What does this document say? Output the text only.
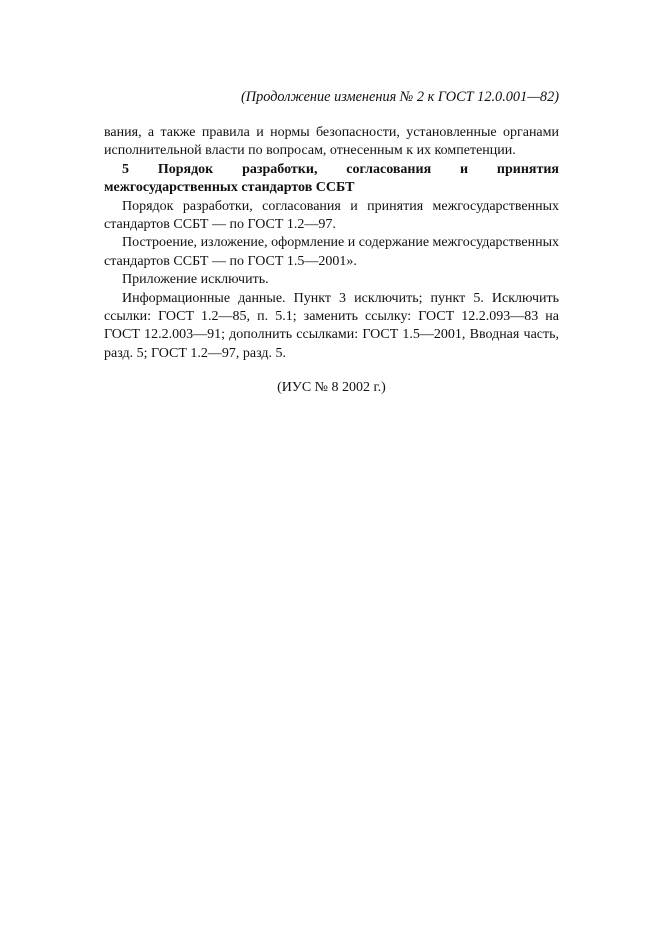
(Продолжение изменения № 2 к ГОСТ 12.0.001—82)

вания, а также правила и нормы безопасности, установленные органами исполнительной власти по вопросам, отнесенным к их компетенции.

5 Порядок разработки, согласования и принятия межгосударственных стандартов ССБТ

Порядок разработки, согласования и принятия межгосударственных стандартов ССБТ — по ГОСТ 1.2—97.

Построение, изложение, оформление и содержание межгосударственных стандартов ССБТ — по ГОСТ 1.5—2001».

Приложение исключить.

Информационные данные. Пункт 3 исключить; пункт 5. Исключить ссылки: ГОСТ 1.2—85, п. 5.1; заменить ссылку: ГОСТ 12.2.093—83 на ГОСТ 12.2.003—91; дополнить ссылками: ГОСТ 1.5—2001, Вводная часть, разд. 5; ГОСТ 1.2—97, разд. 5.

(ИУС № 8 2002 г.)
